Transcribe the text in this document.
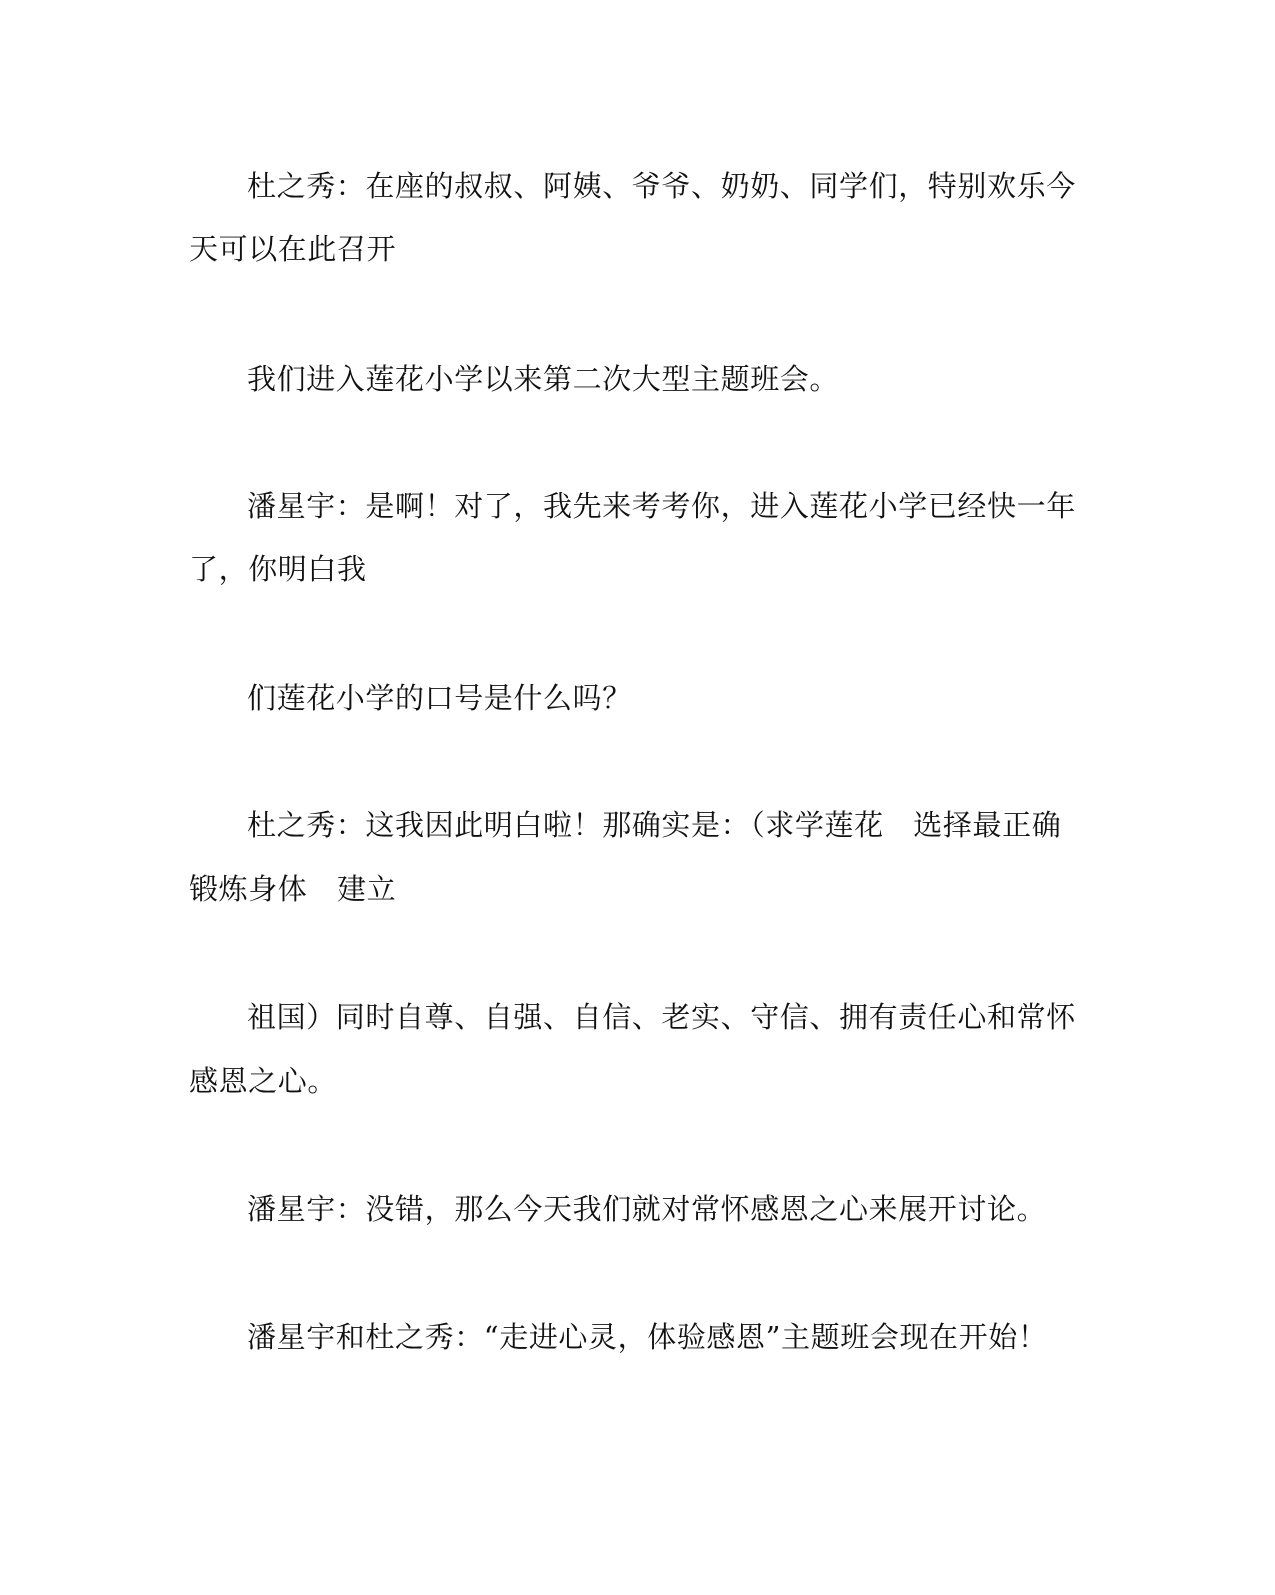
杜之秀：在座的叔叔、阿姨、爷爷、奶奶、同学们，特别欢乐今
天可以在此召开
我们进入莲花小学以来第二次大型主题班会。
潘星宇：是啊！对了，我先来考考你，进入莲花小学已经快一年
了，你明白我
们莲花小学的口号是什么吗？
杜之秀：这我因此明白啦！那确实是：（求学莲花　选择最正确
锻炼身体　建立
祖国）同时自尊、自强、自信、老实、守信、拥有责任心和常怀
感恩之心。
潘星宇：没错，那么今天我们就对常怀感恩之心来展开讨论。
潘星宇和杜之秀：“走进心灵，体验感恩”主题班会现在开始！
